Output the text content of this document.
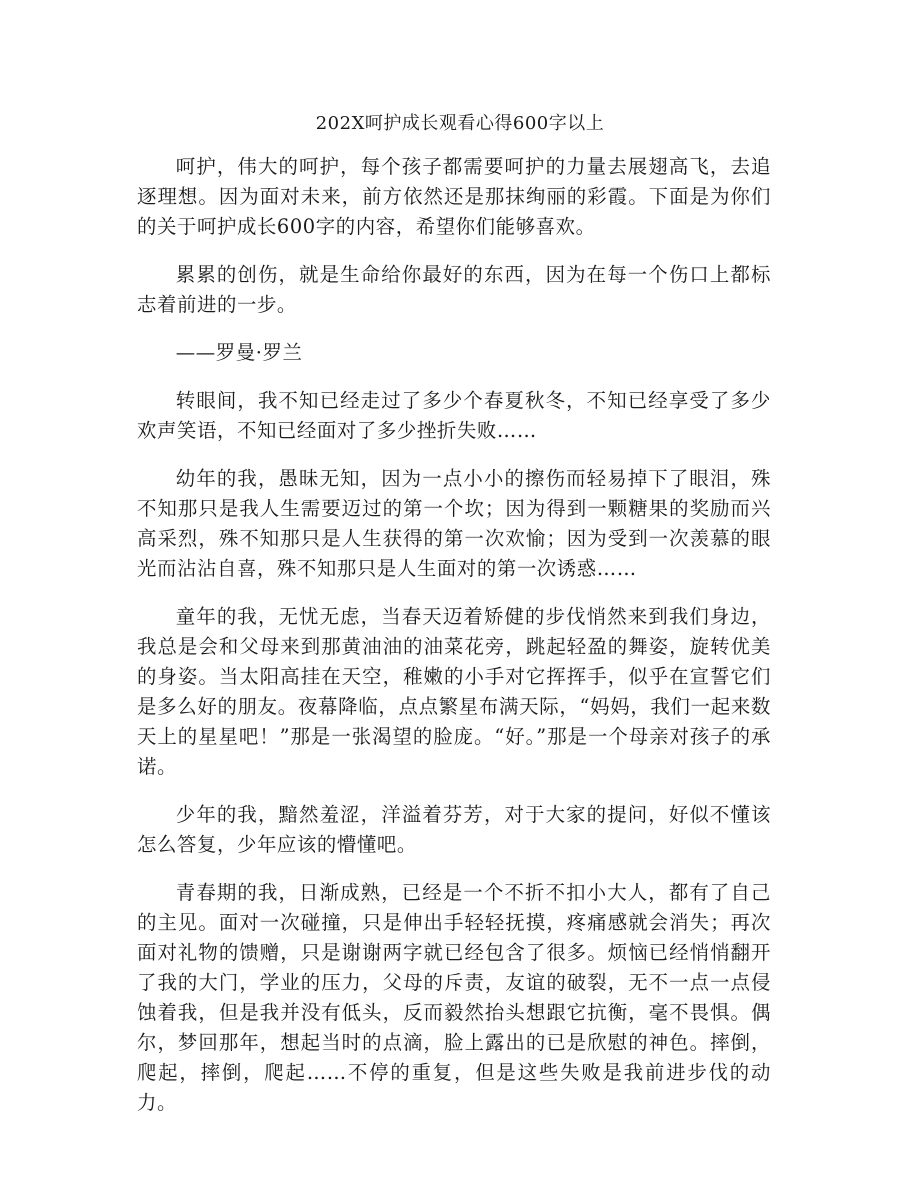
202X呵护成长观看心得600字以上

呵护，伟大的呵护，每个孩子都需要呵护的力量去展翅高飞，去追逐理想。因为面对未来，前方依然还是那抹绚丽的彩霞。下面是为你们的关于呵护成长600字的内容，希望你们能够喜欢。

累累的创伤，就是生命给你最好的东西，因为在每一个伤口上都标志着前进的一步。

——罗曼·罗兰

转眼间，我不知已经走过了多少个春夏秋冬，不知已经享受了多少欢声笑语，不知已经面对了多少挫折失败……

幼年的我，愚昧无知，因为一点小小的擦伤而轻易掉下了眼泪，殊不知那只是我人生需要迈过的第一个坎；因为得到一颗糖果的奖励而兴高采烈，殊不知那只是人生获得的第一次欢愉；因为受到一次羡慕的眼光而沾沾自喜，殊不知那只是人生面对的第一次诱惑……

童年的我，无忧无虑，当春天迈着矫健的步伐悄然来到我们身边，我总是会和父母来到那黄油油的油菜花旁，跳起轻盈的舞姿，旋转优美的身姿。当太阳高挂在天空，稚嫩的小手对它挥挥手，似乎在宣誓它们是多么好的朋友。夜幕降临，点点繁星布满天际，“妈妈，我们一起来数天上的星星吧！”那是一张渴望的脸庞。“好。”那是一个母亲对孩子的承诺。

少年的我，黯然羞涩，洋溢着芬芳，对于大家的提问，好似不懂该怎么答复，少年应该的懵懂吧。

青春期的我，日渐成熟，已经是一个不折不扣小大人，都有了自己的主见。面对一次碰撞，只是伸出手轻轻抚摸，疼痛感就会消失；再次面对礼物的馈赠，只是谢谢两字就已经包含了很多。烦恼已经悄悄翻开了我的大门，学业的压力，父母的斥责，友谊的破裂，无不一点一点侵蚀着我，但是我并没有低头，反而毅然抬头想跟它抗衡，毫不畏惧。偶尔，梦回那年，想起当时的点滴，脸上露出的已是欣慰的神色。摔倒，爬起，摔倒，爬起……不停的重复，但是这些失败是我前进步伐的动力。
